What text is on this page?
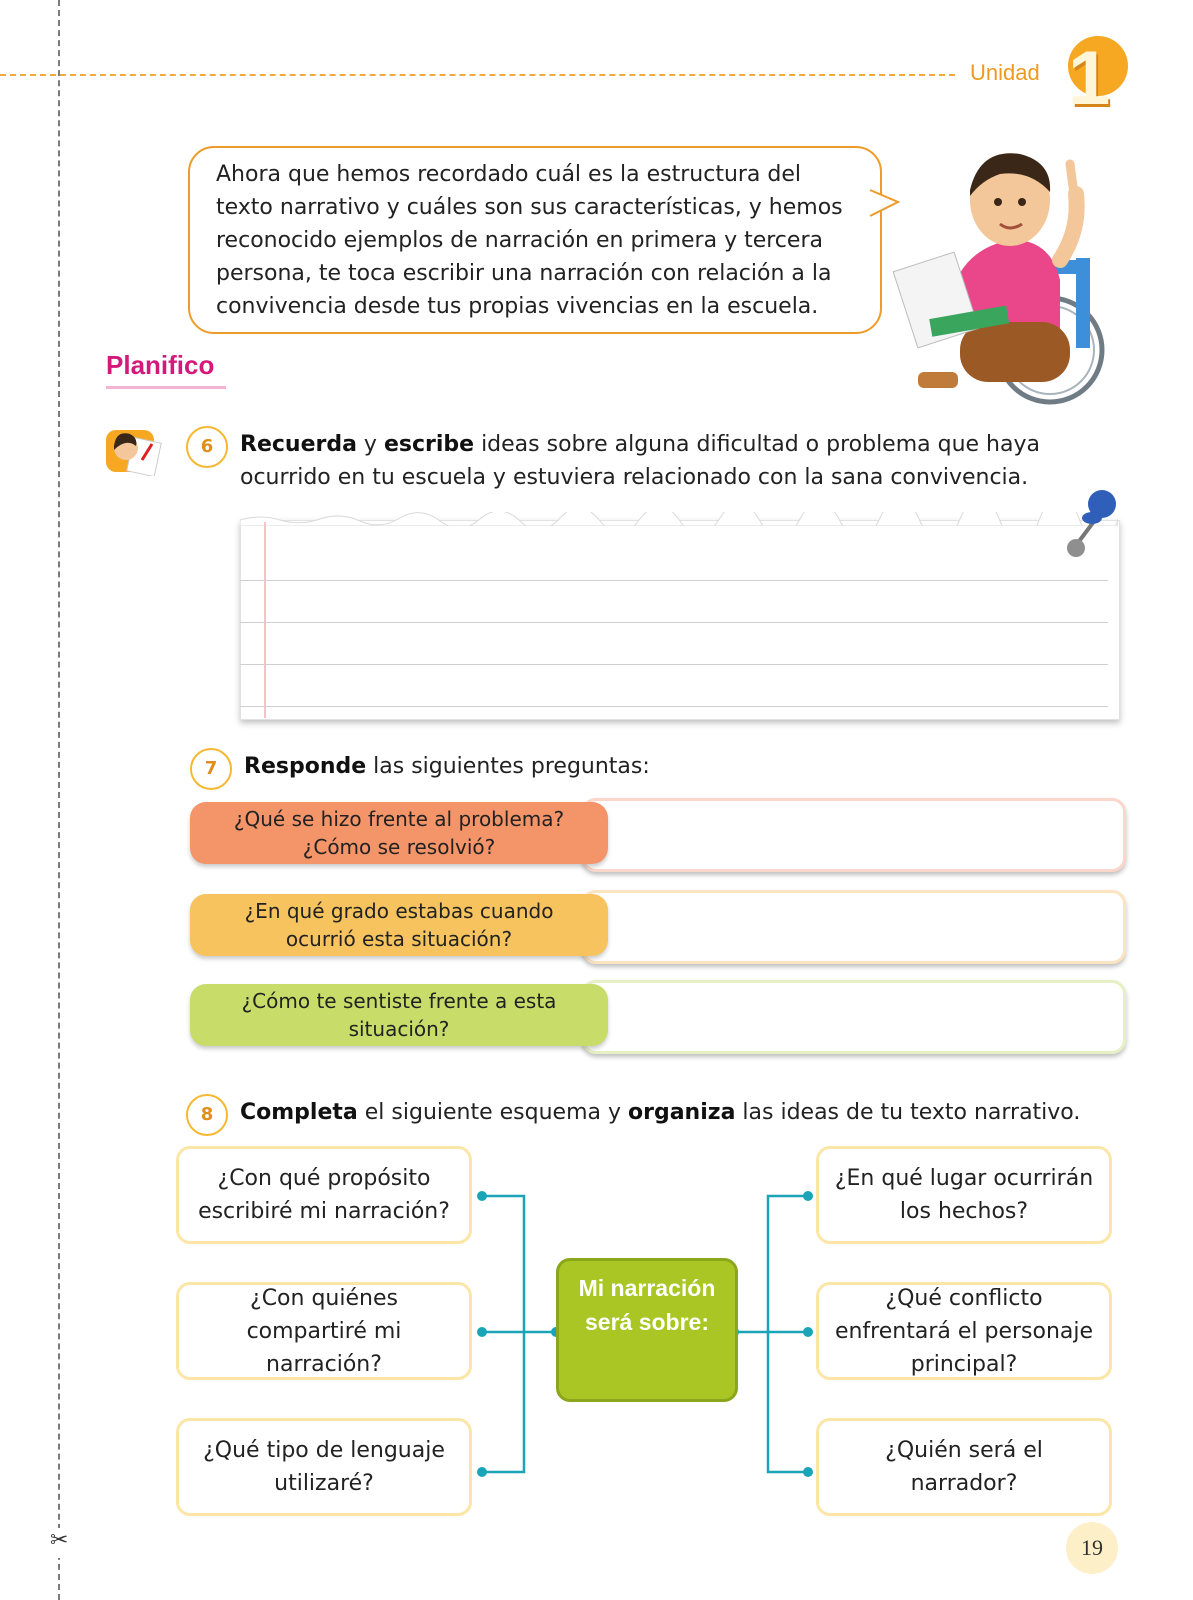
✂
Unidad 1
Ahora que hemos recordado cuál es la estructura del
texto narrativo y cuáles son sus características, y hemos
reconocido ejemplos de narración en primera y tercera
persona, te toca escribir una narración con relación a la
convivencia desde tus propias vivencias en la escuela.
Planifico
6	Recuerda y escribe ideas sobre alguna dificultad o problema que haya
ocurrido en tu escuela y estuviera relacionado con la sana convivencia.
7	Responde las siguientes preguntas:
¿Qué se hizo frente al problema?
¿Cómo se resolvió?
¿En qué grado estabas cuando
ocurrió esta situación?
¿Cómo te sentiste frente a esta
situación?
8	Completa el siguiente esquema y organiza las ideas de tu texto narrativo.
¿Con qué propósito
escribiré mi narración?
¿Con quiénes
compartiré mi
narración?
¿Qué tipo de lenguaje
utilizaré?
Mi narración
será sobre:
¿En qué lugar ocurrirán
los hechos?
¿Qué conflicto
enfrentará el personaje
principal?
¿Quién será el
narrador?
19
